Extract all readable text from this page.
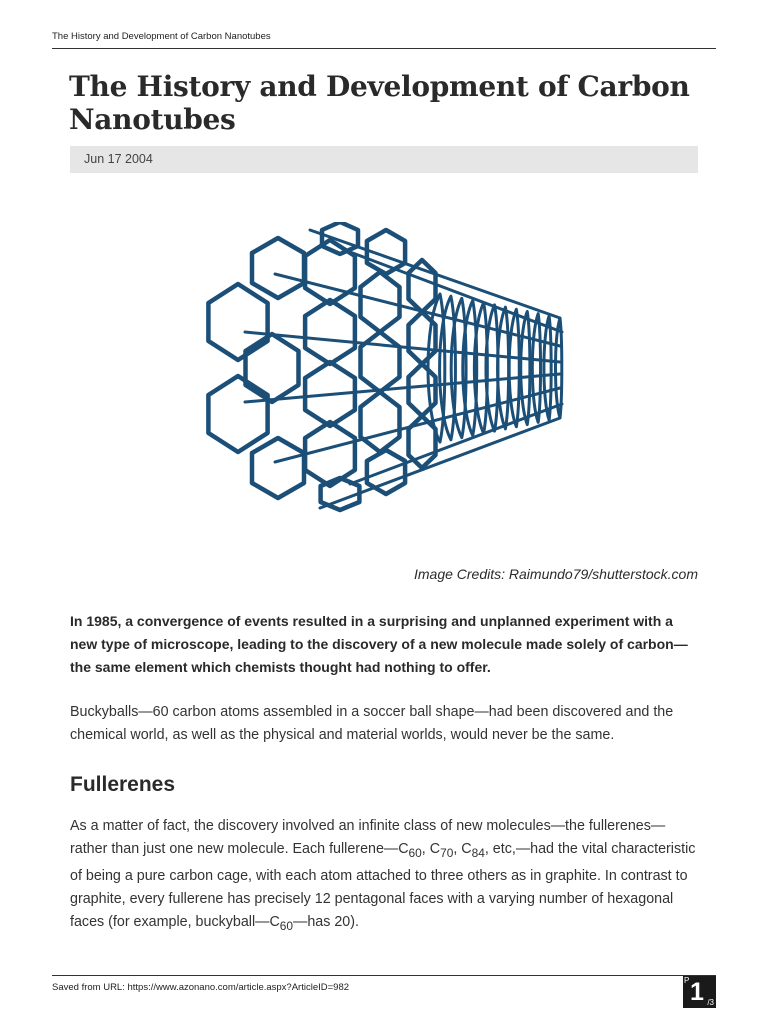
The History and Development of Carbon Nanotubes
The History and Development of Carbon Nanotubes
Jun 17 2004
Image Credits: Raimundo79/shutterstock.com

In 1985, a convergence of events resulted in a surprising and unplanned experiment with a new type of microscope, leading to the discovery of a new molecule made solely of carbon—the same element which chemists thought had nothing to offer.

Buckyballs—60 carbon atoms assembled in a soccer ball shape—had been discovered and the chemical world, as well as the physical and material worlds, would never be the same.

Fullerenes

As a matter of fact, the discovery involved an infinite class of new molecules—the fullerenes—rather than just one new molecule. Each $fullerene—C_{60}$, $C_{70}$, $C_{84}$, etc,—had the vital characteristic of being a pure carbon cage, with each atom attached to three others as in graphite. In contrast to graphite, every fullerene has precisely 12 pentagonal faces with a varying number of hexagonal faces (for example, $buckyball—C_{60}—has$ 20).

Saved from URL: https://www.azonano.com/article.aspx?ArticleID=982
P 1 /3
